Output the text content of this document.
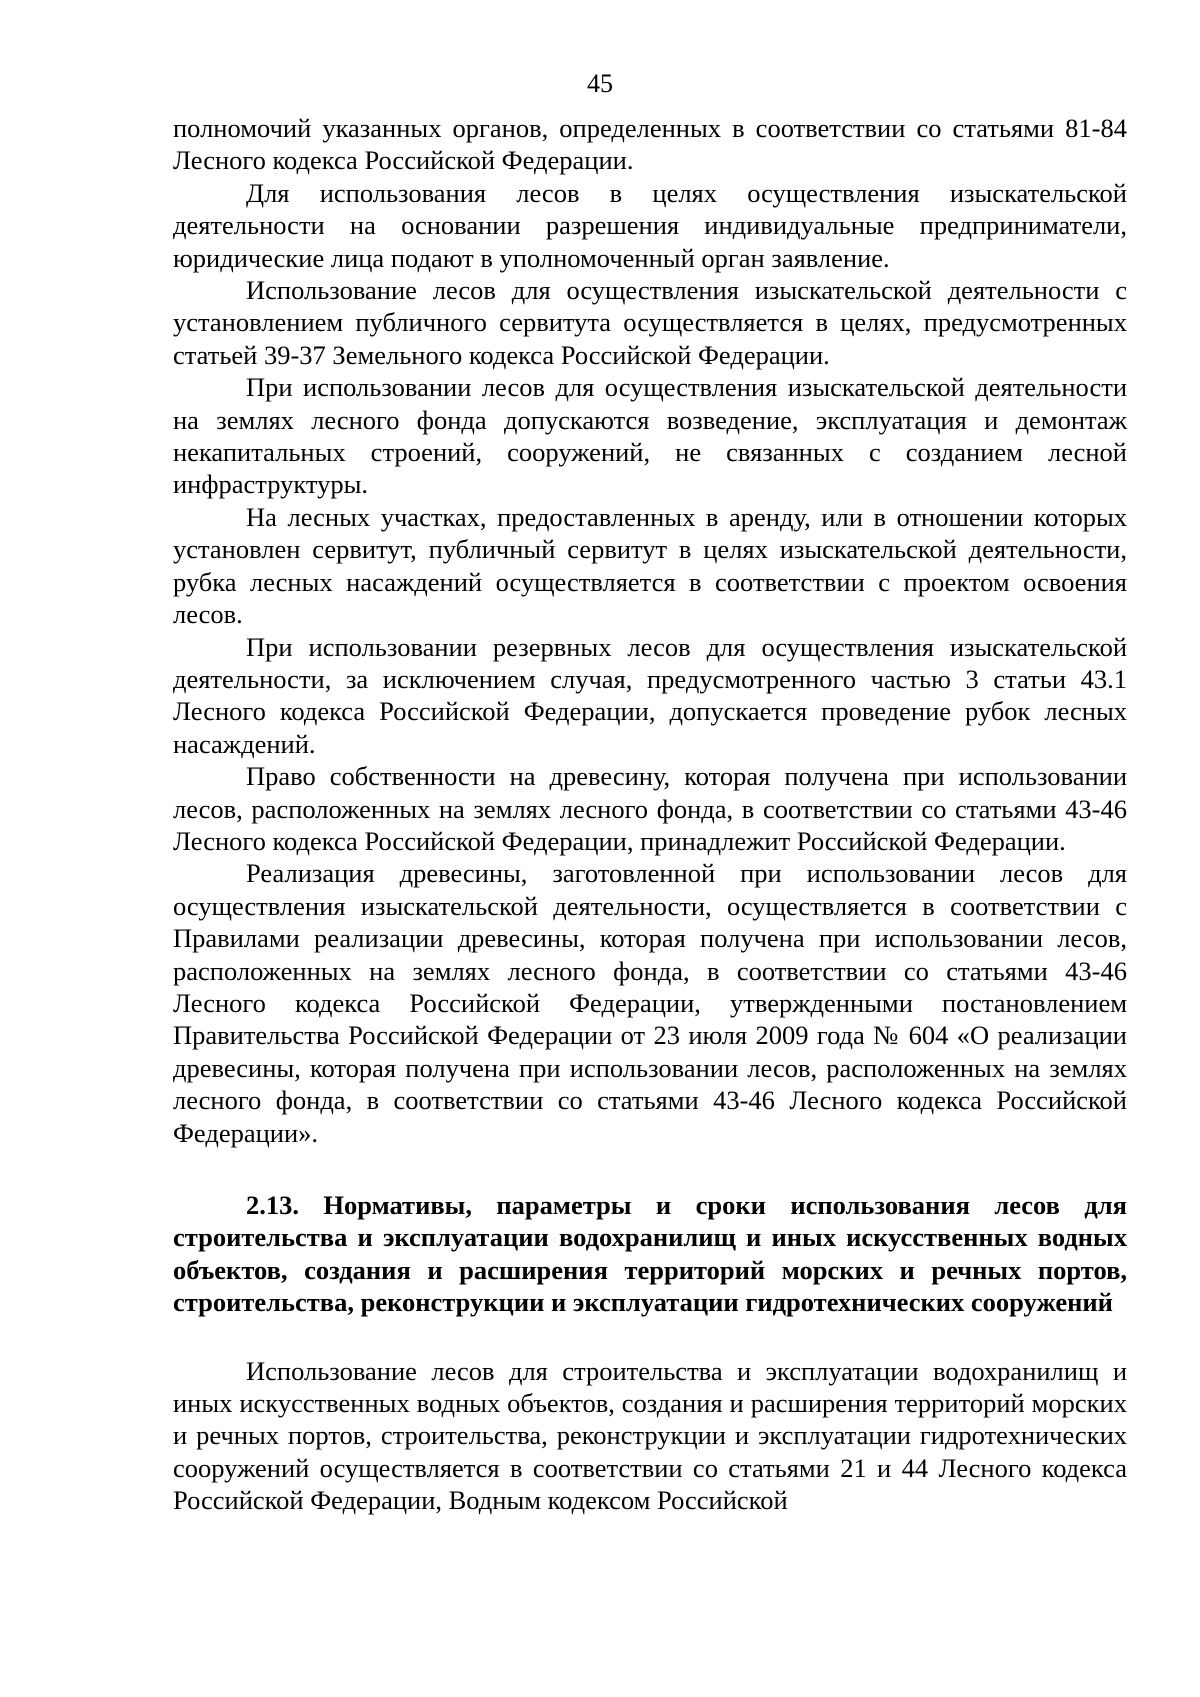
45

полномочий указанных органов, определенных в соответствии со статьями 81-84 Лесного кодекса Российской Федерации.

Для использования лесов в целях осуществления изыскательской деятельности на основании разрешения индивидуальные предприниматели, юридические лица подают в уполномоченный орган заявление.

Использование лесов для осуществления изыскательской деятельности с установлением публичного сервитута осуществляется в целях, предусмотренных статьей 39-37 Земельного кодекса Российской Федерации.

При использовании лесов для осуществления изыскательской деятельности на землях лесного фонда допускаются возведение, эксплуатация и демонтаж некапитальных строений, сооружений, не связанных с созданием лесной инфраструктуры.

На лесных участках, предоставленных в аренду, или в отношении которых установлен сервитут, публичный сервитут в целях изыскательской деятельности, рубка лесных насаждений осуществляется в соответствии с проектом освоения лесов.

При использовании резервных лесов для осуществления изыскательской деятельности, за исключением случая, предусмотренного частью 3 статьи 43.1 Лесного кодекса Российской Федерации, допускается проведение рубок лесных насаждений.

Право собственности на древесину, которая получена при использовании лесов, расположенных на землях лесного фонда, в соответствии со статьями 43-46 Лесного кодекса Российской Федерации, принадлежит Российской Федерации.

Реализация древесины, заготовленной при использовании лесов для осуществления изыскательской деятельности, осуществляется в соответствии с Правилами реализации древесины, которая получена при использовании лесов, расположенных на землях лесного фонда, в соответствии со статьями 43-46 Лесного кодекса Российской Федерации, утвержденными постановлением Правительства Российской Федерации от 23 июля 2009 года № 604 «О реализации древесины, которая получена при использовании лесов, расположенных на землях лесного фонда, в соответствии со статьями 43-46 Лесного кодекса Российской Федерации».

2.13. Нормативы, параметры и сроки использования лесов для строительства и эксплуатации водохранилищ и иных искусственных водных объектов, создания и расширения территорий морских и речных портов, строительства, реконструкции и эксплуатации гидротехнических сооружений

Использование лесов для строительства и эксплуатации водохранилищ и иных искусственных водных объектов, создания и расширения территорий морских и речных портов, строительства, реконструкции и эксплуатации гидротехнических сооружений осуществляется в соответствии со статьями 21 и 44 Лесного кодекса Российской Федерации, Водным кодексом Российской
